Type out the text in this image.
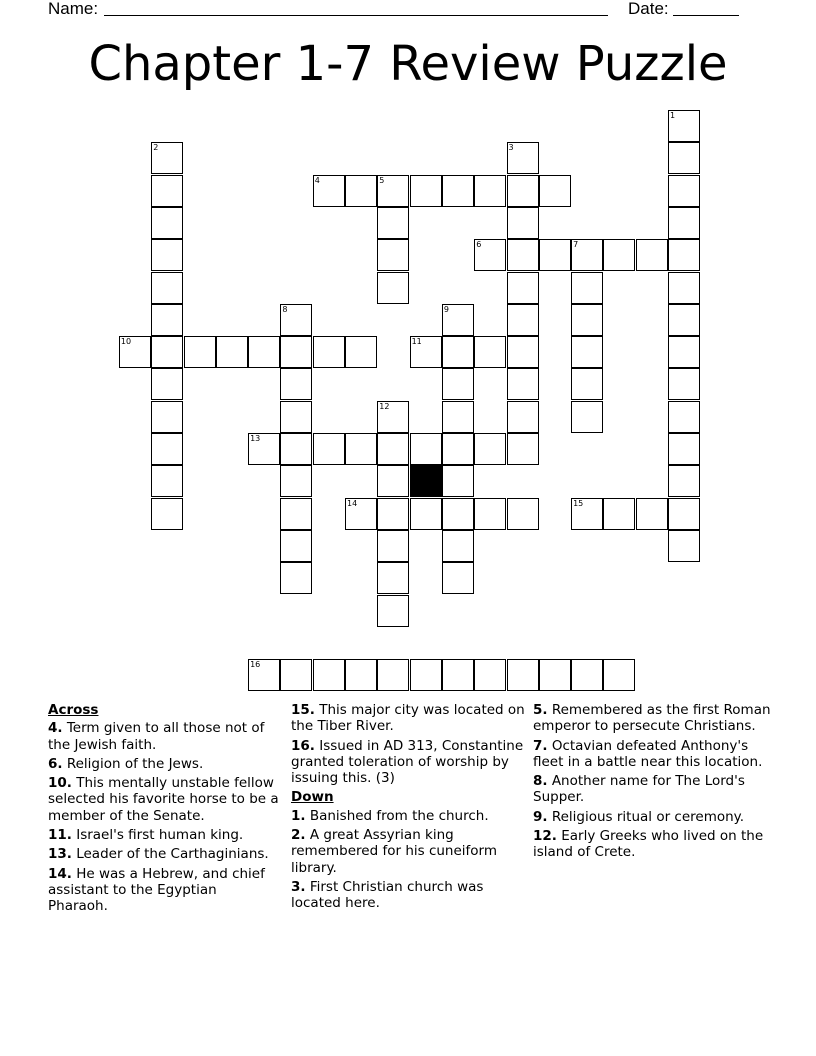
Name:	Date:
Chapter 1-7 Review Puzzle
1
2	3
4	5
6	7
8	9
10	11
12
13
14	15
16
Across
4. Term given to all those not of the Jewish faith.
6. Religion of the Jews.
10. This mentally unstable fellow selected his favorite horse to be a member of the Senate.
11. Israel's first human king.
13. Leader of the Carthaginians.
14. He was a Hebrew, and chief assistant to the Egyptian Pharaoh.
15. This major city was located on the Tiber River.
16. Issued in AD 313, Constantine granted toleration of worship by issuing this. (3)
Down
1. Banished from the church.
2. A great Assyrian king remembered for his cuneiform library.
3. First Christian church was located here.
5. Remembered as the first Roman emperor to persecute Christians.
7. Octavian defeated Anthony's fleet in a battle near this location.
8. Another name for The Lord's Supper.
9. Religious ritual or ceremony.
12. Early Greeks who lived on the island of Crete.
